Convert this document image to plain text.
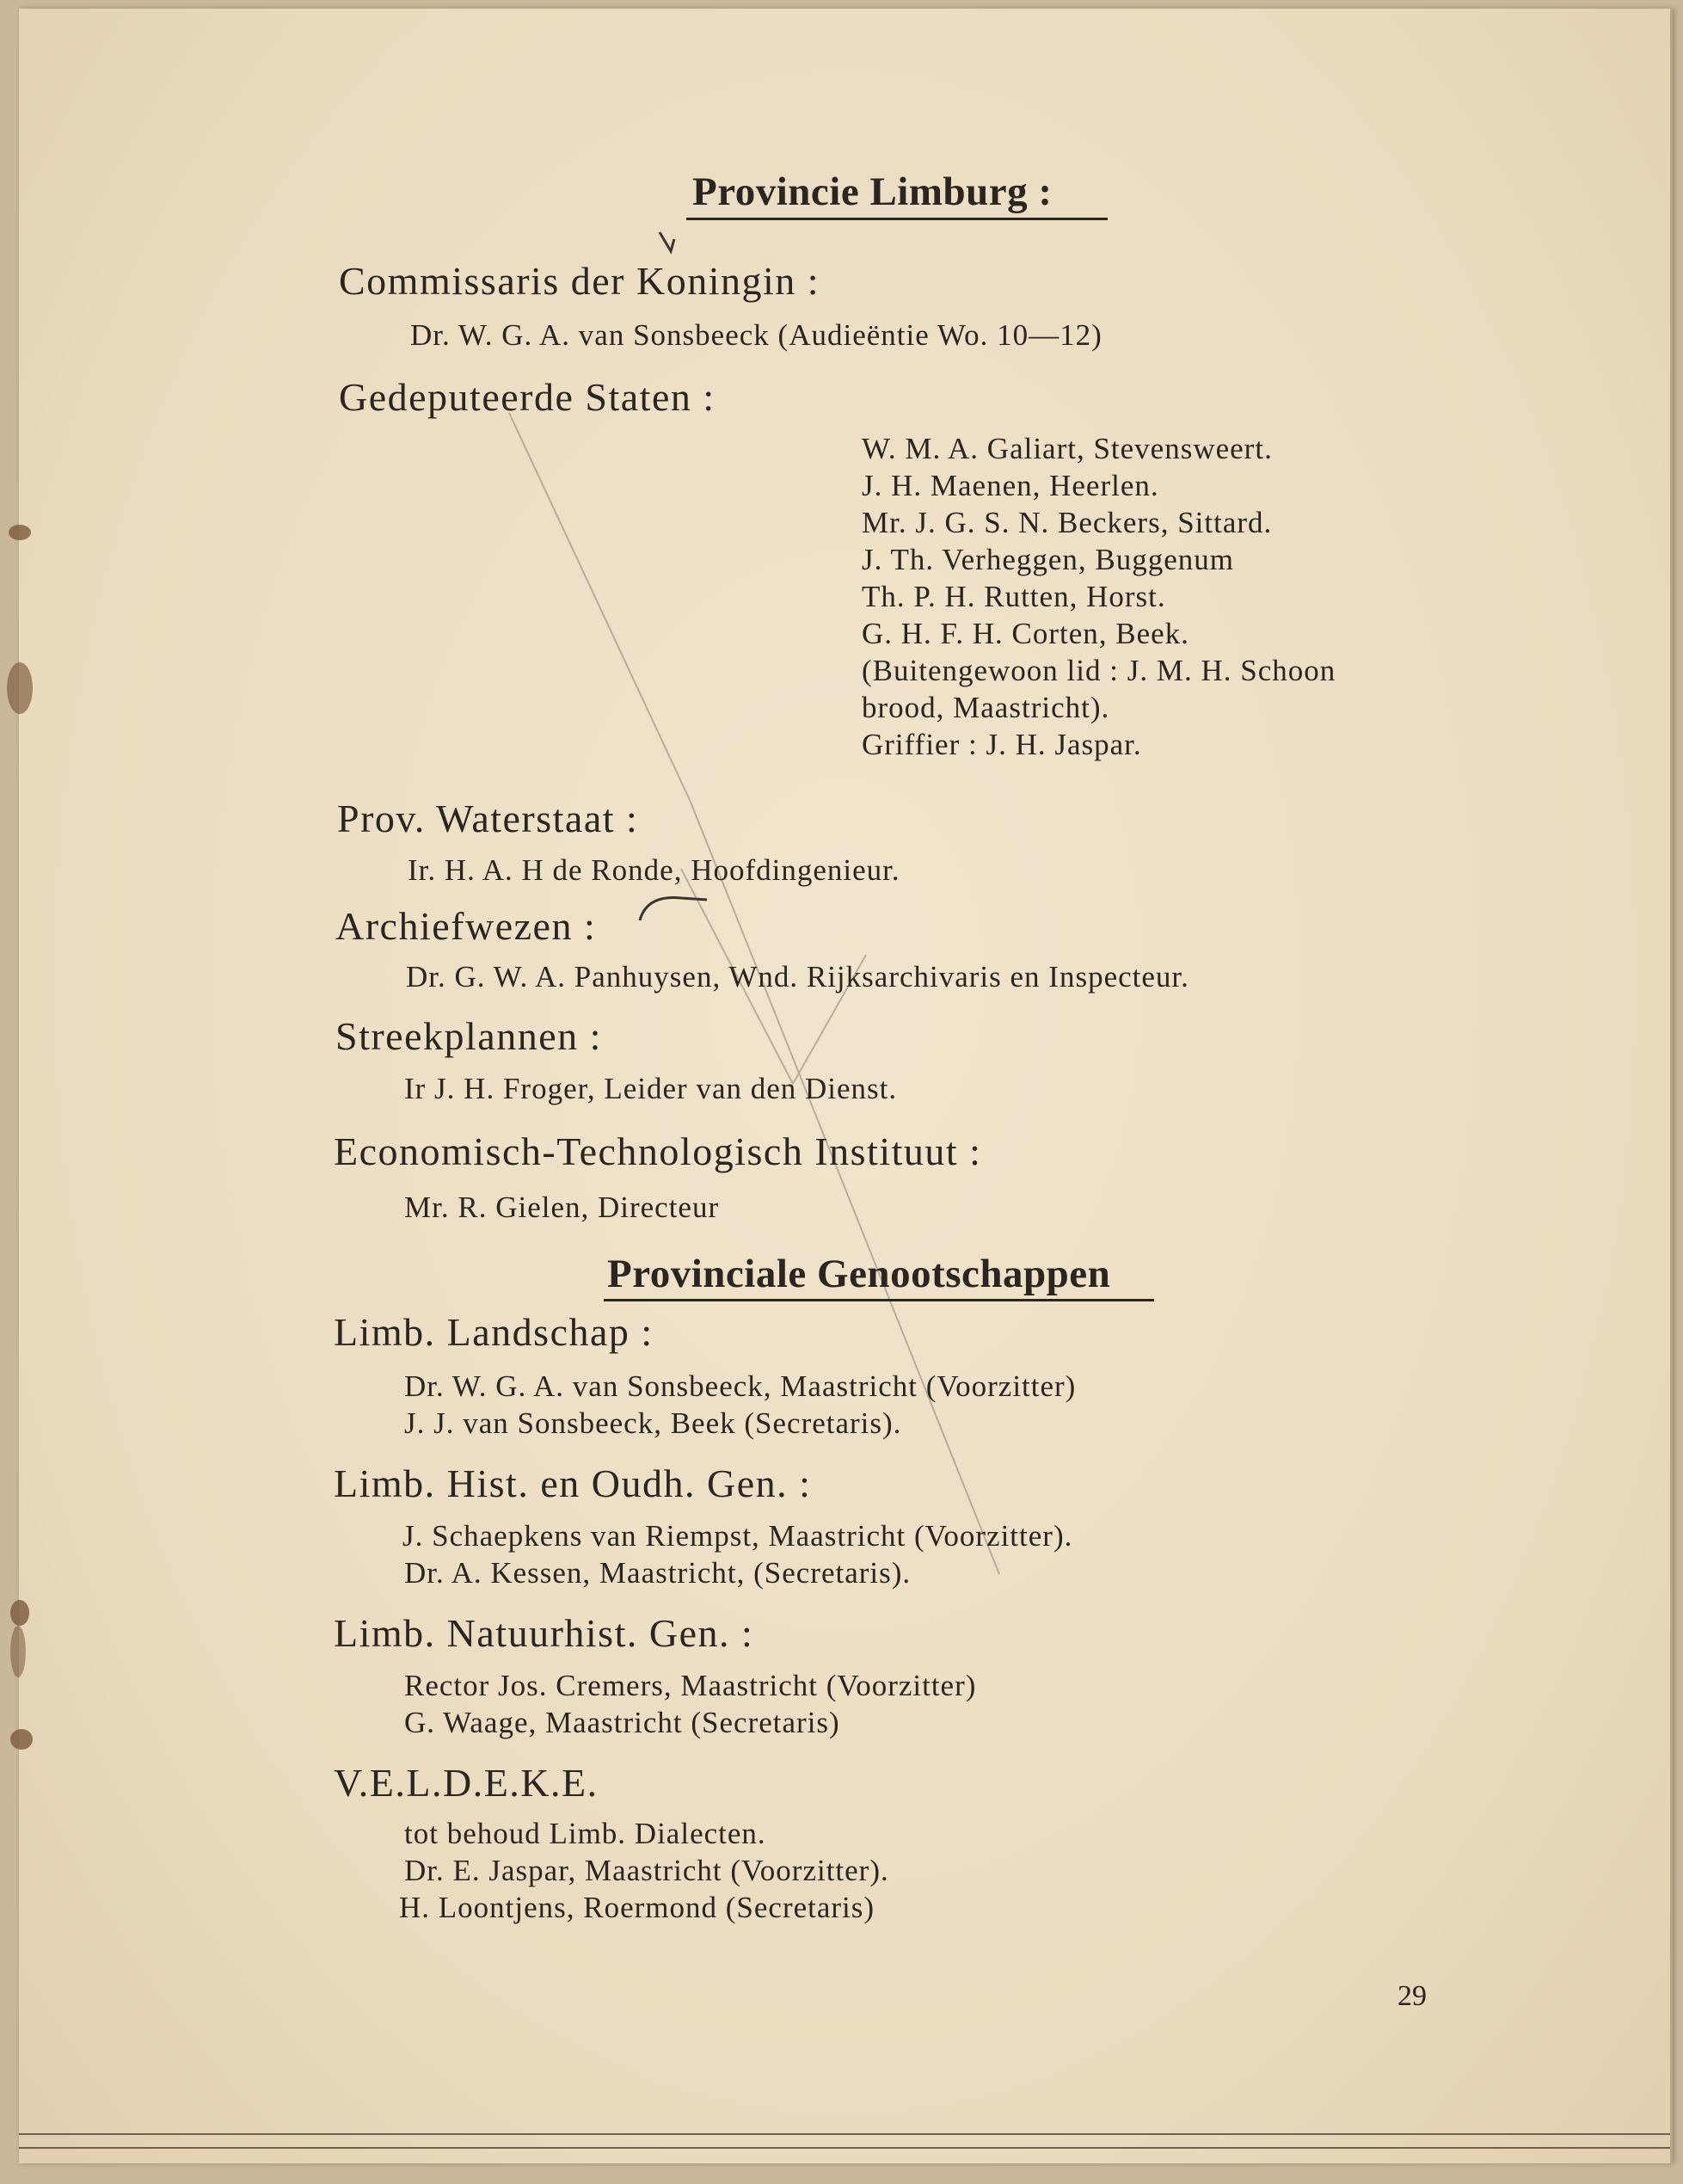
Provincie Limburg :
Commissaris der Koningin :
Dr. W. G. A. van Sonsbeeck (Audieëntie Wo. 10—12)
Gedeputeerde Staten :
W. M. A. Galiart, Stevensweert.
J. H. Maenen, Heerlen.
Mr. J. G. S. N. Beckers, Sittard.
J. Th. Verheggen, Buggenum
Th. P. H. Rutten, Horst.
G. H. F. H. Corten, Beek.
(Buitengewoon lid : J. M. H. Schoon
brood, Maastricht).
Griffier : J. H. Jaspar.
Prov. Waterstaat :
Ir. H. A. H de Ronde, Hoofdingenieur.
Archiefwezen :
Dr. G. W. A. Panhuysen, Wnd. Rijksarchivaris en Inspecteur.
Streekplannen :
Ir J. H. Froger, Leider van den Dienst.
Economisch-Technologisch Instituut :
Mr. R. Gielen, Directeur
Provinciale Genootschappen
Limb. Landschap :
Dr. W. G. A. van Sonsbeeck, Maastricht (Voorzitter)
J. J. van Sonsbeeck, Beek (Secretaris).
Limb. Hist. en Oudh. Gen. :
J. Schaepkens van Riempst, Maastricht (Voorzitter).
Dr. A. Kessen, Maastricht, (Secretaris).
Limb. Natuurhist. Gen. :
Rector Jos. Cremers, Maastricht (Voorzitter)
G. Waage, Maastricht (Secretaris)
V.E.L.D.E.K.E.
tot behoud Limb. Dialecten.
Dr. E. Jaspar, Maastricht (Voorzitter).
H. Loontjens, Roermond (Secretaris)
29
